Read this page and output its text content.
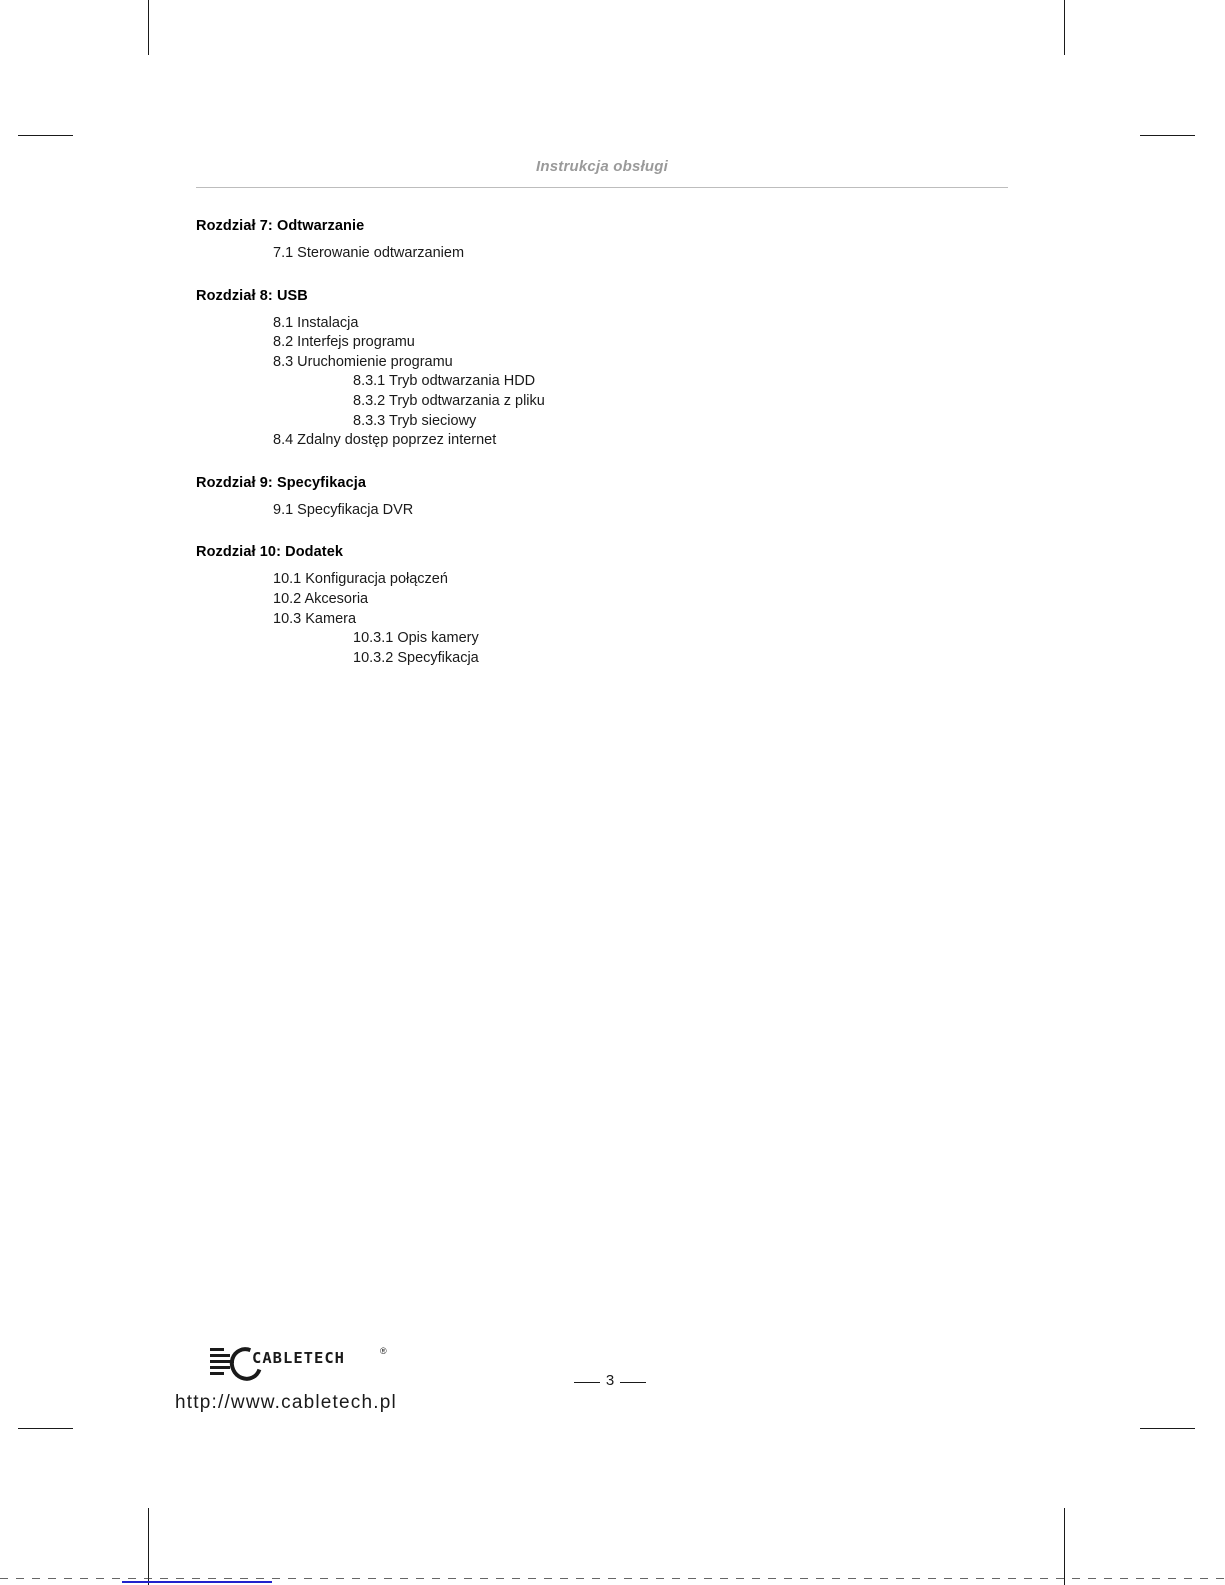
Instrukcja obsługi
Rozdział 7: Odtwarzanie
7.1 Sterowanie odtwarzaniem
Rozdział 8: USB
8.1 Instalacja
8.2 Interfejs programu
8.3 Uruchomienie programu
8.3.1 Tryb odtwarzania HDD
8.3.2 Tryb odtwarzania z pliku
8.3.3 Tryb sieciowy
8.4 Zdalny dostęp poprzez internet
Rozdział 9: Specyfikacja
9.1 Specyfikacja DVR
Rozdział 10: Dodatek
10.1 Konfiguracja połączeń
10.2 Akcesoria
10.3 Kamera
10.3.1 Opis kamery
10.3.2 Specyfikacja
CABLETECH	®
http://www.cabletech.pl
3
